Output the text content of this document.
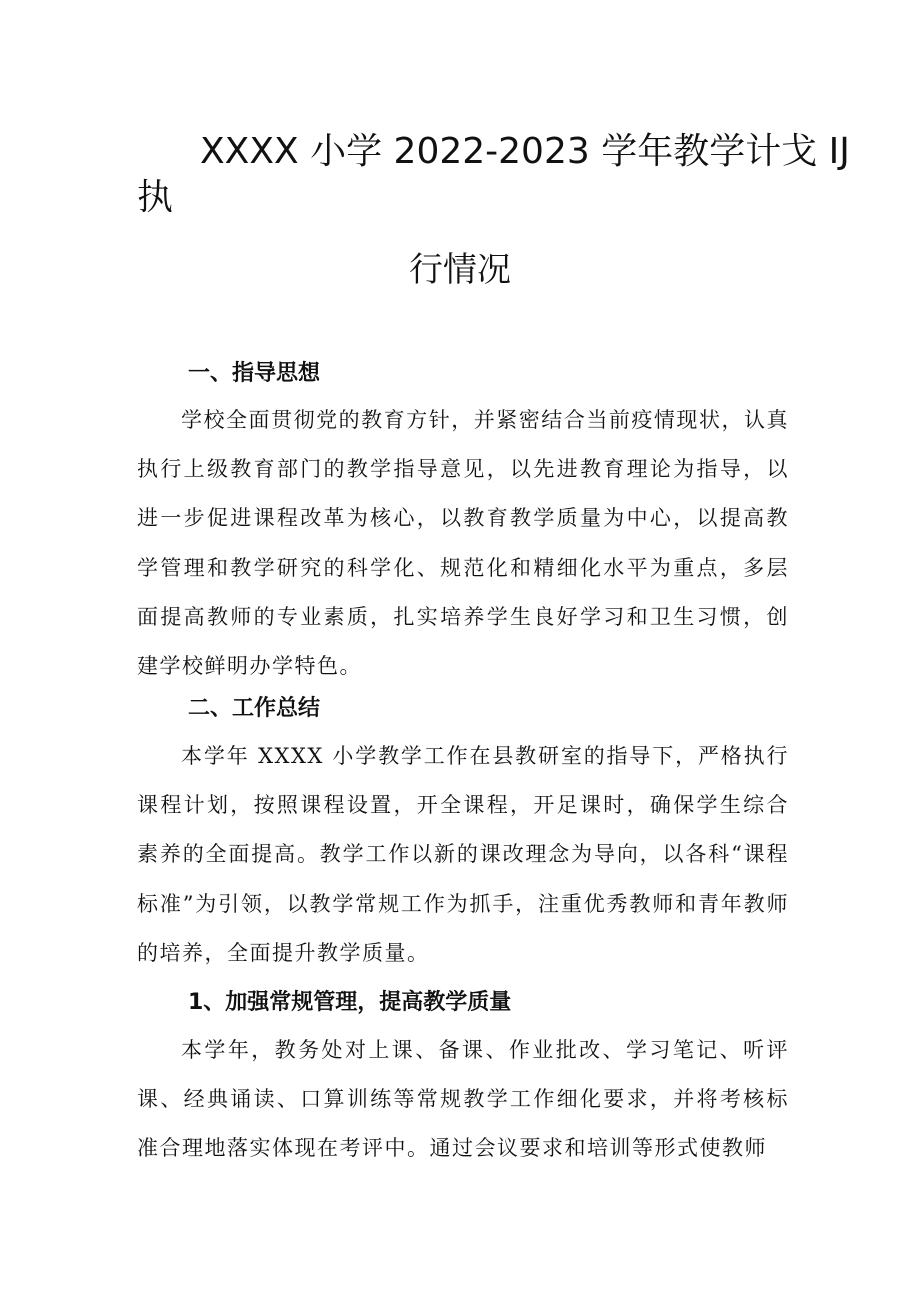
XXXX 小学 2022-2023 学年教学计戈 IJ
执
行情况
一、指导思想
学校全面贯彻党的教育方针，并紧密结合当前疫情现状，认真执行上级教育部门的教学指导意见，以先进教育理论为指导，以进一步促进课程改革为核心，以教育教学质量为中心，以提高教学管理和教学研究的科学化、规范化和精细化水平为重点，多层面提高教师的专业素质，扎实培养学生良好学习和卫生习惯，创建学校鲜明办学特色。
二、工作总结
本学年 XXXX 小学教学工作在县教研室的指导下，严格执行课程计划，按照课程设置，开全课程，开足课时，确保学生综合素养的全面提高。教学工作以新的课改理念为导向，以各科“课程标准”为引领，以教学常规工作为抓手，注重优秀教师和青年教师的培养，全面提升教学质量。
1、加强常规管理，提高教学质量
本学年，教务处对上课、备课、作业批改、学习笔记、听评课、经典诵读、口算训练等常规教学工作细化要求，并将考核标准合理地落实体现在考评中。通过会议要求和培训等形式使教师
